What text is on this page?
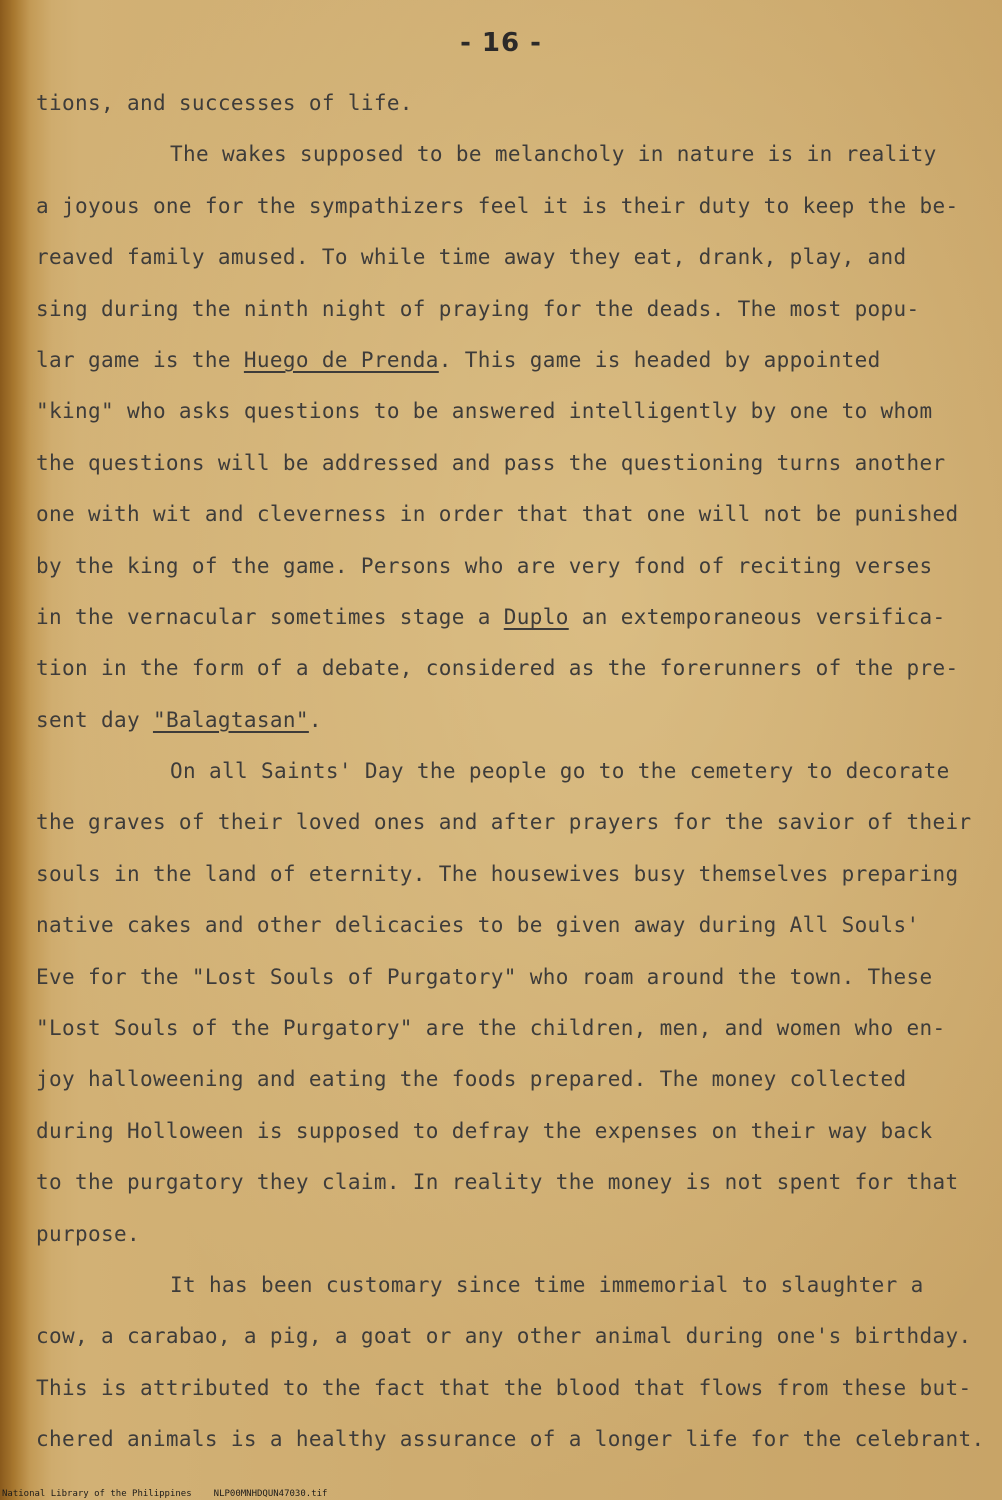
- 16 -
tions, and successes of life.
The wakes supposed to be melancholy in nature is in reality
a joyous one for the sympathizers feel it is their duty to keep the be-
reaved family amused. To while time away they eat, drank, play, and
sing during the ninth night of praying for the deads. The most popu-
lar game is the Huego de Prenda. This game is headed by appointed
"king" who asks questions to be answered intelligently by one to whom
the questions will be addressed and pass the questioning turns another
one with wit and cleverness in order that that one will not be punished
by the king of the game. Persons who are very fond of reciting verses
in the vernacular sometimes stage a Duplo an extemporaneous versifica-
tion in the form of a debate, considered as the forerunners of the pre-
sent day "Balagtasan".
On all Saints' Day the people go to the cemetery to decorate
the graves of their loved ones and after prayers for the savior of their
souls in the land of eternity. The housewives busy themselves preparing
native cakes and other delicacies to be given away during All Souls'
Eve for the "Lost Souls of Purgatory" who roam around the town. These
"Lost Souls of the Purgatory" are the children, men, and women who en-
joy halloweening and eating the foods prepared. The money collected
during Holloween is supposed to defray the expenses on their way back
to the purgatory they claim. In reality the money is not spent for that
purpose.
It has been customary since time immemorial to slaughter a
cow, a carabao, a pig, a goat or any other animal during one's birthday.
This is attributed to the fact that the blood that flows from these but-
chered animals is a healthy assurance of a longer life for the celebrant.
National Library of the Philippines NLP00MNHDQUN47030.tif
